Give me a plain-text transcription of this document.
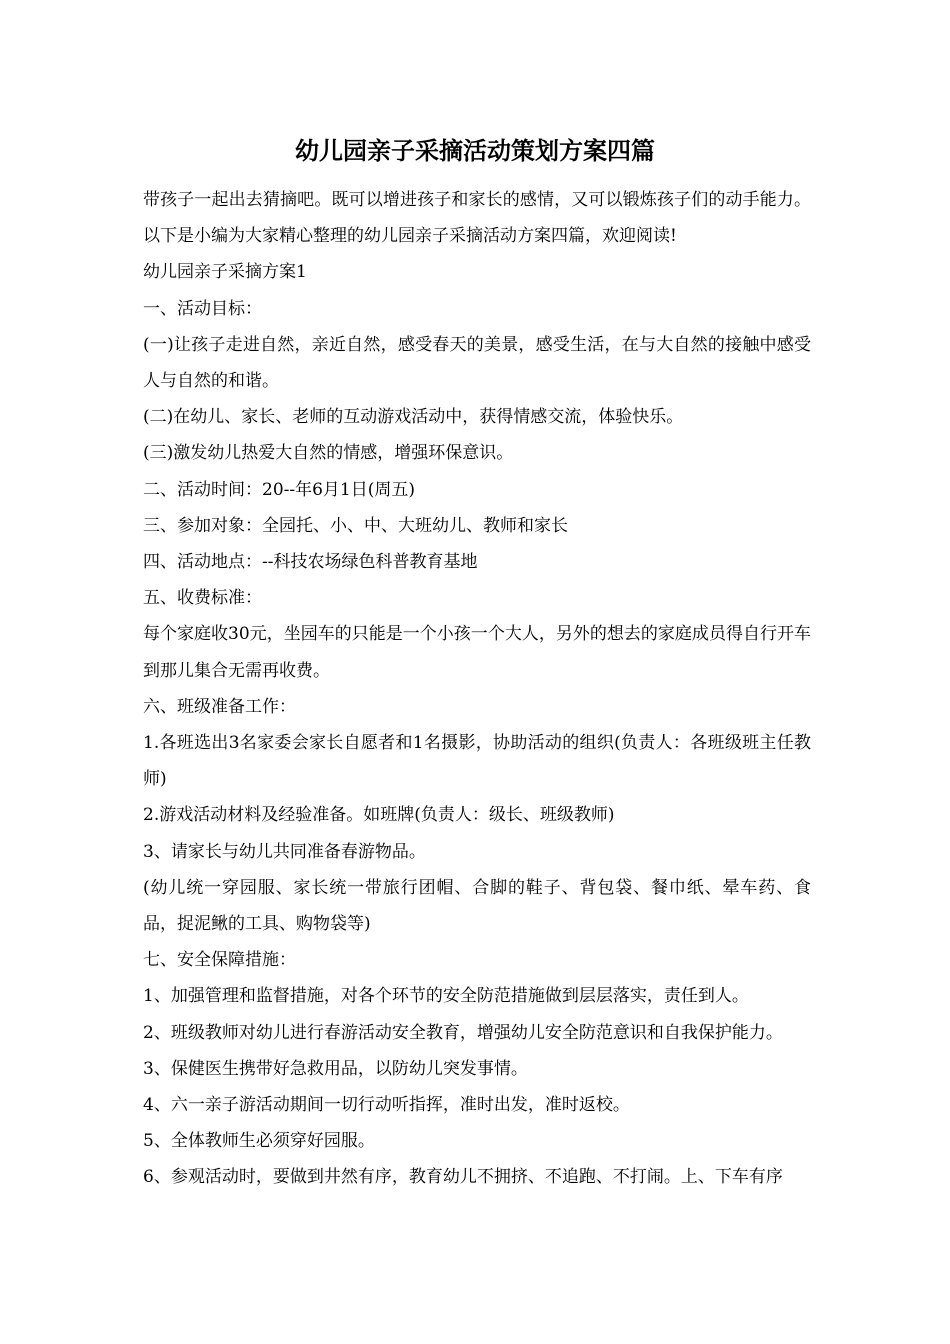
幼儿园亲子采摘活动策划方案四篇

带孩子一起出去猜摘吧。既可以增进孩子和家长的感情，又可以锻炼孩子们的动手能力。以下是小编为大家精心整理的幼儿园亲子采摘活动方案四篇，欢迎阅读!

幼儿园亲子采摘方案1

一、活动目标：

(一)让孩子走进自然，亲近自然，感受春天的美景，感受生活，在与大自然的接触中感受人与自然的和谐。

(二)在幼儿、家长、老师的互动游戏活动中，获得情感交流，体验快乐。

(三)激发幼儿热爱大自然的情感，增强环保意识。

二、活动时间：20--年6月1日(周五)

三、参加对象：全园托、小、中、大班幼儿、教师和家长

四、活动地点：--科技农场绿色科普教育基地

五、收费标准：

每个家庭收30元，坐园车的只能是一个小孩一个大人，另外的想去的家庭成员得自行开车到那儿集合无需再收费。

六、班级准备工作：

1.各班选出3名家委会家长自愿者和1名摄影，协助活动的组织(负责人：各班级班主任教师)

2.游戏活动材料及经验准备。如班牌(负责人：级长、班级教师)

3、请家长与幼儿共同准备春游物品。

(幼儿统一穿园服、家长统一带旅行团帽、合脚的鞋子、背包袋、餐巾纸、晕车药、食品，捉泥鳅的工具、购物袋等)

七、安全保障措施：

1、加强管理和监督措施，对各个环节的安全防范措施做到层层落实，责任到人。

2、班级教师对幼儿进行春游活动安全教育，增强幼儿安全防范意识和自我保护能力。

3、保健医生携带好急救用品，以防幼儿突发事情。

4、六一亲子游活动期间一切行动听指挥，准时出发，准时返校。

5、全体教师生必须穿好园服。

6、参观活动时，要做到井然有序，教育幼儿不拥挤、不追跑、不打闹。上、下车有序
